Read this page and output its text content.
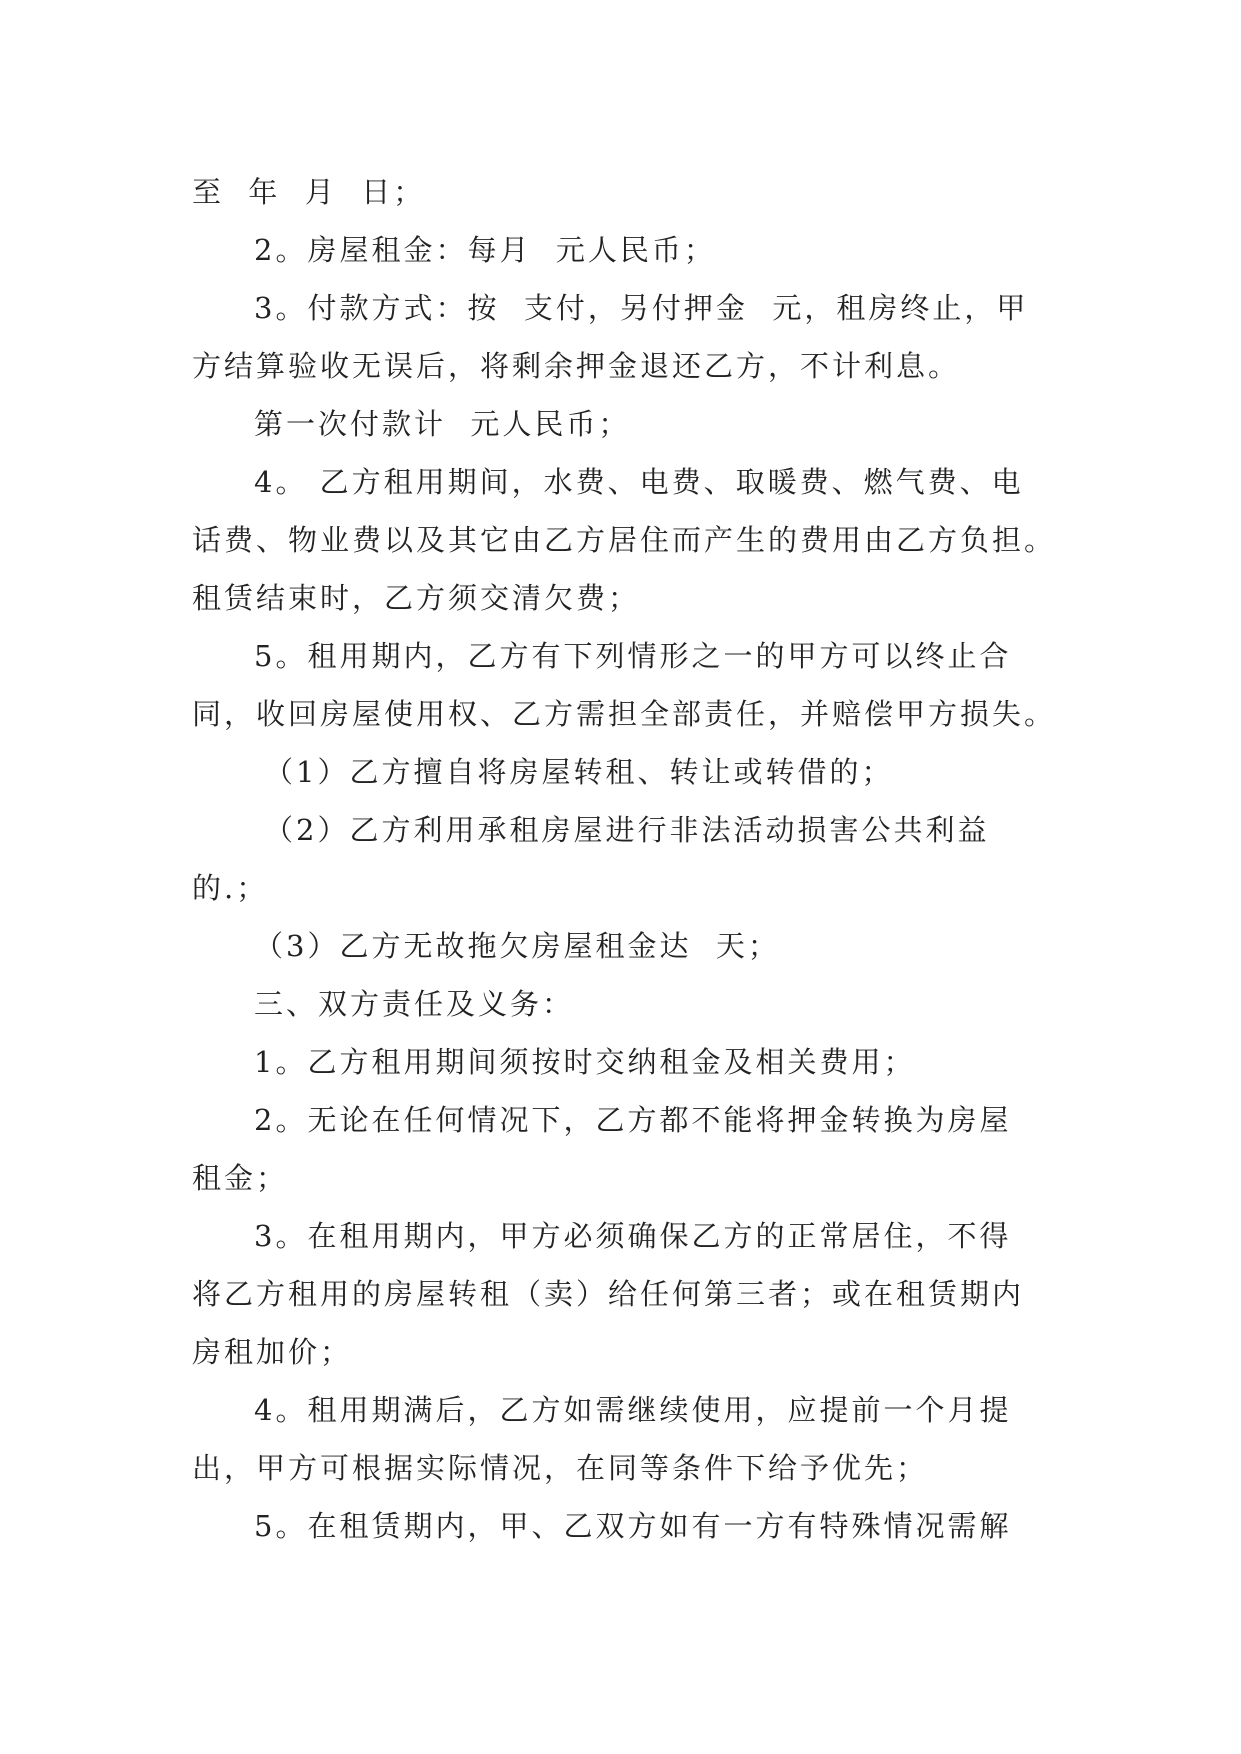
至  年  月  日；
2。房屋租金：每月  元人民币；
3。付款方式：按  支付，另付押金  元，租房终止，甲
方结算验收无误后，将剩余押金退还乙方，不计利息。
第一次付款计  元人民币；
4。 乙方租用期间，水费、电费、取暖费、燃气费、电
话费、物业费以及其它由乙方居住而产生的费用由乙方负担。
租赁结束时，乙方须交清欠费；
5。租用期内，乙方有下列情形之一的甲方可以终止合
同，收回房屋使用权、乙方需担全部责任，并赔偿甲方损失。
（1）乙方擅自将房屋转租、转让或转借的；
（2）乙方利用承租房屋进行非法活动损害公共利益
的.；
（3）乙方无故拖欠房屋租金达  天；
三、双方责任及义务：
1。乙方租用期间须按时交纳租金及相关费用；
2。无论在任何情况下，乙方都不能将押金转换为房屋
租金；
3。在租用期内，甲方必须确保乙方的正常居住，不得
将乙方租用的房屋转租（卖）给任何第三者；或在租赁期内
房租加价；
4。租用期满后，乙方如需继续使用，应提前一个月提
出，甲方可根据实际情况，在同等条件下给予优先；
5。在租赁期内，甲、乙双方如有一方有特殊情况需解
